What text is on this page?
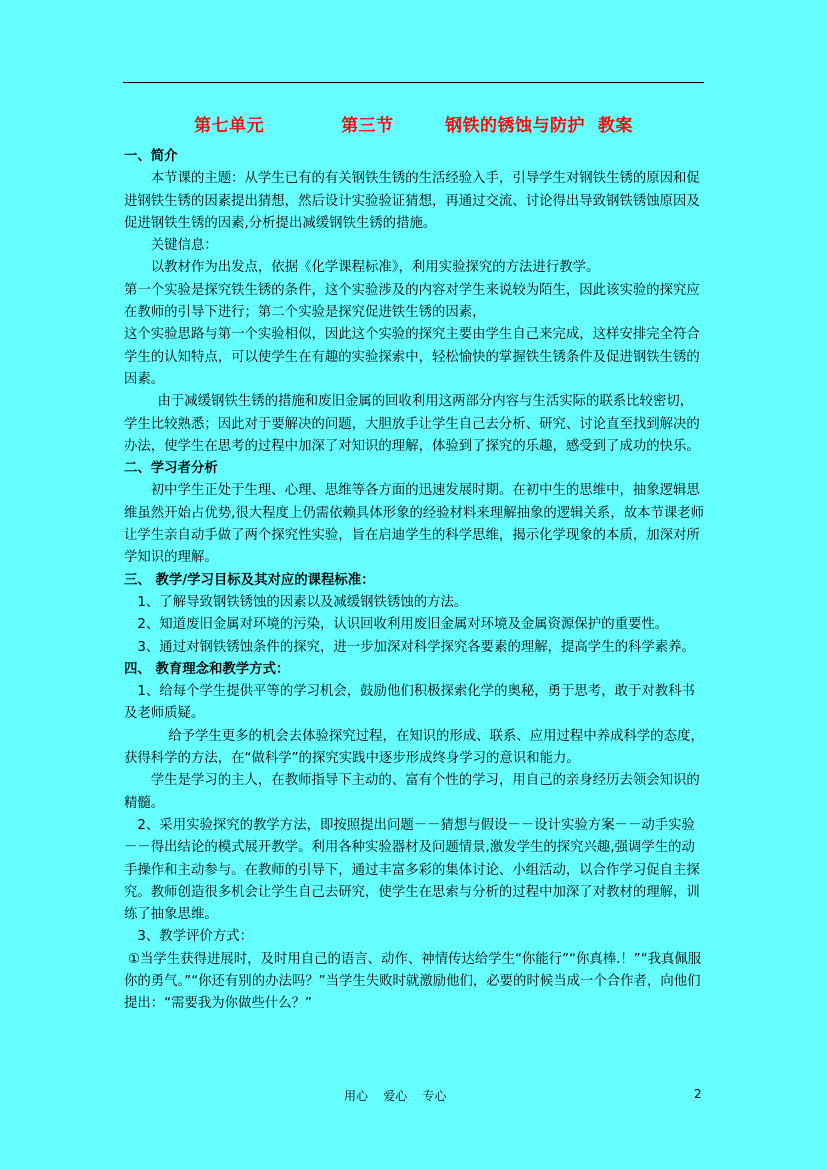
第七单元            第三节        钢铁的锈蚀与防护  教案

一、简介

本节课的主题：从学生已有的有关钢铁生锈的生活经验入手，引导学生对钢铁生锈的原因和促进钢铁生锈的因素提出猜想，然后设计实验验证猜想，再通过交流、讨论得出导致钢铁锈蚀原因及促进钢铁生锈的因素,分析提出减缓钢铁生锈的措施。

关键信息：

以教材作为出发点，依据《化学课程标准》，利用实验探究的方法进行教学。

第一个实验是探究铁生锈的条件，这个实验涉及的内容对学生来说较为陌生，因此该实验的探究应在教师的引导下进行；第二个实验是探究促进铁生锈的因素，

这个实验思路与第一个实验相似，因此这个实验的探究主要由学生自己来完成，这样安排完全符合学生的认知特点，可以使学生在有趣的实验探索中，轻松愉快的掌握铁生锈条件及促进钢铁生锈的因素。

由于减缓钢铁生锈的措施和废旧金属的回收利用这两部分内容与生活实际的联系比较密切，学生比较熟悉；因此对于要解决的问题，大胆放手让学生自己去分析、研究、讨论直至找到解决的办法，使学生在思考的过程中加深了对知识的理解，体验到了探究的乐趣，感受到了成功的快乐。

二、学习者分析

初中学生正处于生理、心理、思维等各方面的迅速发展时期。在初中生的思维中，抽象逻辑思维虽然开始占优势,很大程度上仍需依赖具体形象的经验材料来理解抽象的逻辑关系，故本节课老师让学生亲自动手做了两个探究性实验，旨在启迪学生的科学思维，揭示化学现象的本质，加深对所学知识的理解。

三、 教学/学习目标及其对应的课程标准：

1、了解导致钢铁锈蚀的因素以及减缓钢铁锈蚀的方法。

2、知道废旧金属对环境的污染，认识回收利用废旧金属对环境及金属资源保护的重要性。

3、通过对钢铁锈蚀条件的探究，进一步加深对科学探究各要素的理解，提高学生的科学素养。

四、 教育理念和教学方式：

1、给每个学生提供平等的学习机会，鼓励他们积极探索化学的奥秘，勇于思考，敢于对教科书及老师质疑。

给予学生更多的机会去体验探究过程，在知识的形成、联系、应用过程中养成科学的态度，获得科学的方法，在“做科学”的探究实践中逐步形成终身学习的意识和能力。

学生是学习的主人，在教师指导下主动的、富有个性的学习，用自己的亲身经历去领会知识的精髓。

2、采用实验探究的教学方法，即按照提出问题－－猜想与假设－－设计实验方案－－动手实验－－得出结论的模式展开教学。利用各种实验器材及问题情景,激发学生的探究兴趣,强调学生的动手操作和主动参与。在教师的引导下，通过丰富多彩的集体讨论、小组活动，以合作学习促自主探究。教师创造很多机会让学生自己去研究，使学生在思索与分析的过程中加深了对教材的理解，训练了抽象思维。

3、教学评价方式：

①当学生获得进展时，及时用自己的语言、动作、神情传达给学生“你能行”“你真棒.！”“我真佩服你的勇气。”“你还有别的办法吗？”当学生失败时就激励他们，必要的时候当成一个合作者，向他们提出：“需要我为你做些什么？”

用心    爱心    专心	2
